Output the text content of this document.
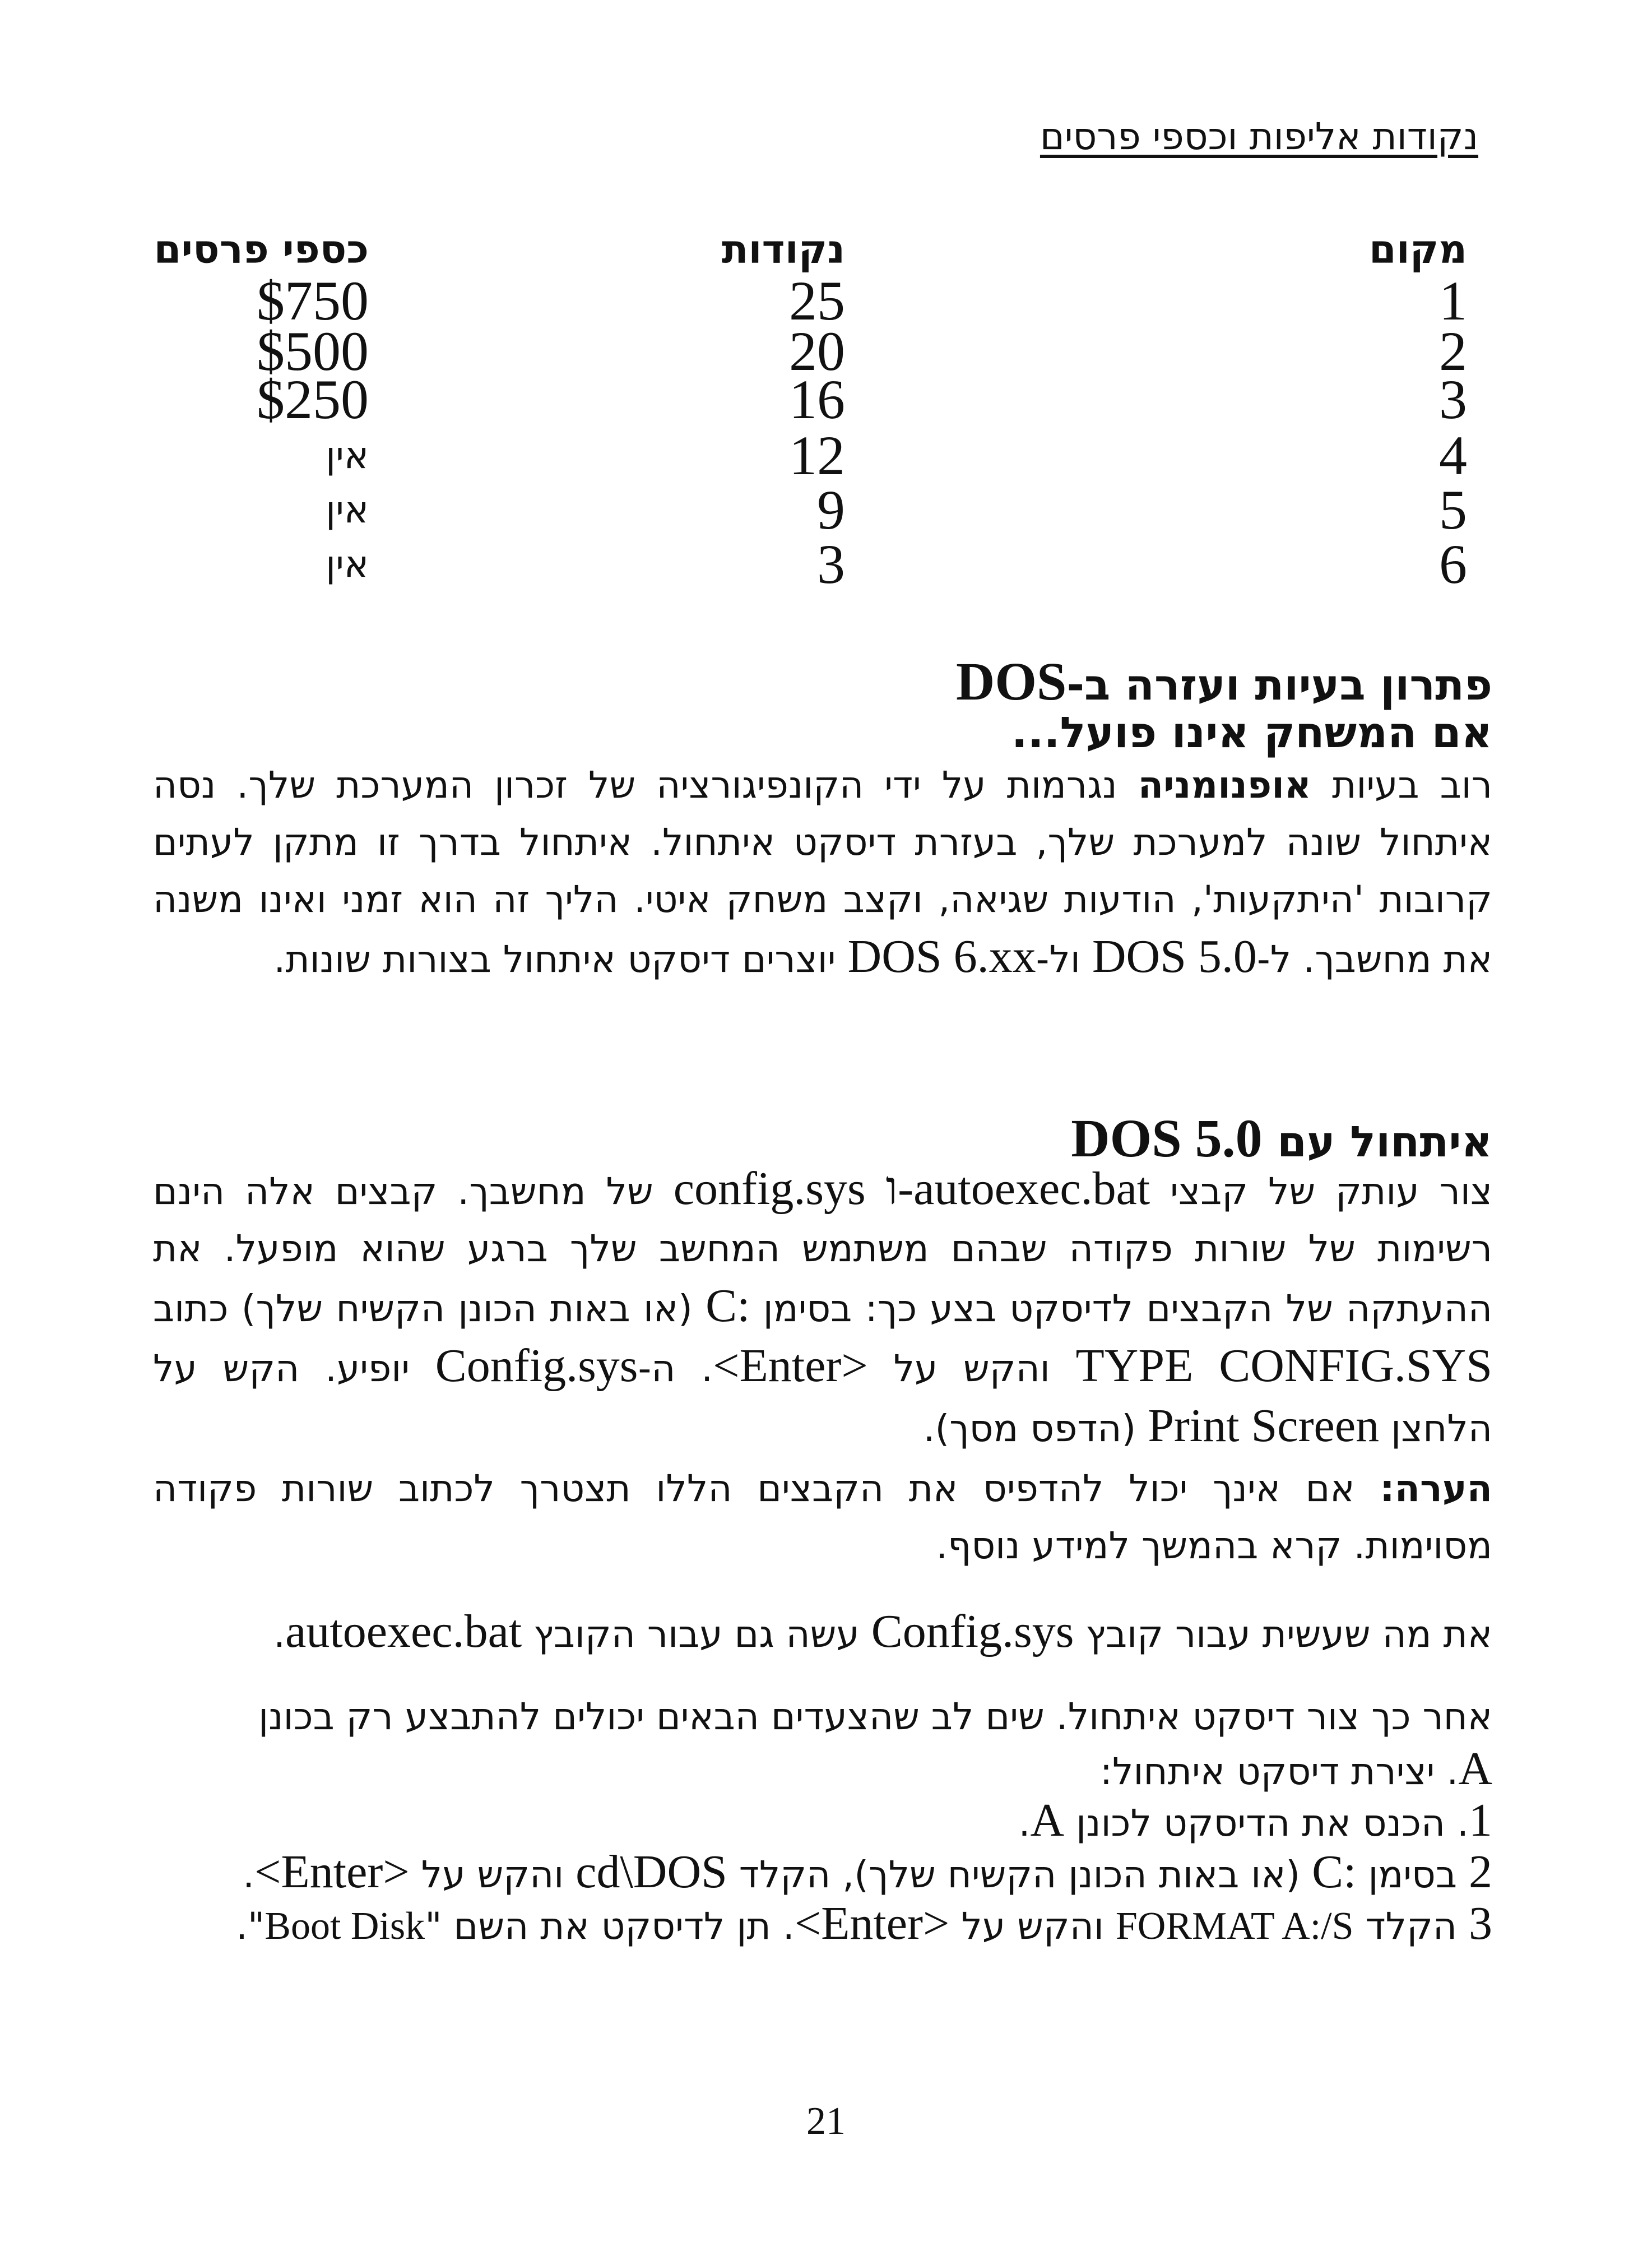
נקודות אליפות וכספי פרסים
מקום
1
2
3
4
5
6
נקודות
25
20
16
12
9
3
כספי פרסים
$750
$500
$250
אין
אין
אין
פתרון בעיות ועזרה ב-DOS
אם המשחק אינו פועל...

רוב בעיות אופנומניה נגרמות על ידי הקונפיגורציה של זכרון המערכת שלך. נסה איתחול שונה למערכת שלך, בעזרת דיסקט איתחול. איתחול בדרך זו מתקן לעתים קרובות 'היתקעות', הודעות שגיאה, וקצב משחק איטי. הליך זה הוא זמני ואינו משנה את מחשבך. ל-DOS 5.0 ול-DOS 6.xx יוצרים דיסקט איתחול בצורות שונות.

איתחול עם DOS 5.0

צור עותק של קבצי config.sys ו-autoexec.bat של מחשבך. קבצים אלה הינם רשימות של שורות פקודה שבהם משתמש המחשב שלך ברגע שהוא מופעל. את ההעתקה של הקבצים לדיסקט בצע כך: בסימן C: (או באות הכונן הקשיח שלך) כתוב TYPE CONFIG.SYS והקש על <Enter>. ה-Config.sys יופיע. הקש על הלחצן Print Screen (הדפס מסך).

הערה: אם אינך יכול להדפיס את הקבצים הללו תצטרך לכתוב שורות פקודה מסוימות. קרא בהמשך למידע נוסף.

את מה שעשית עבור קובץ Config.sys עשה גם עבור הקובץ autoexec.bat.

אחר כך צור דיסקט איתחול. שים לב שהצעדים הבאים יכולים להתבצע רק בכונן

A. יצירת דיסקט איתחול:
1. הכנס את הדיסקט לכונן A.
2 בסימן C: (או באות הכונן הקשיח שלך), הקלד cd\DOS והקש על <Enter>.
3 הקלד FORMAT A:/S והקש על <Enter>. תן לדיסקט את השם "Boot Disk".
21
